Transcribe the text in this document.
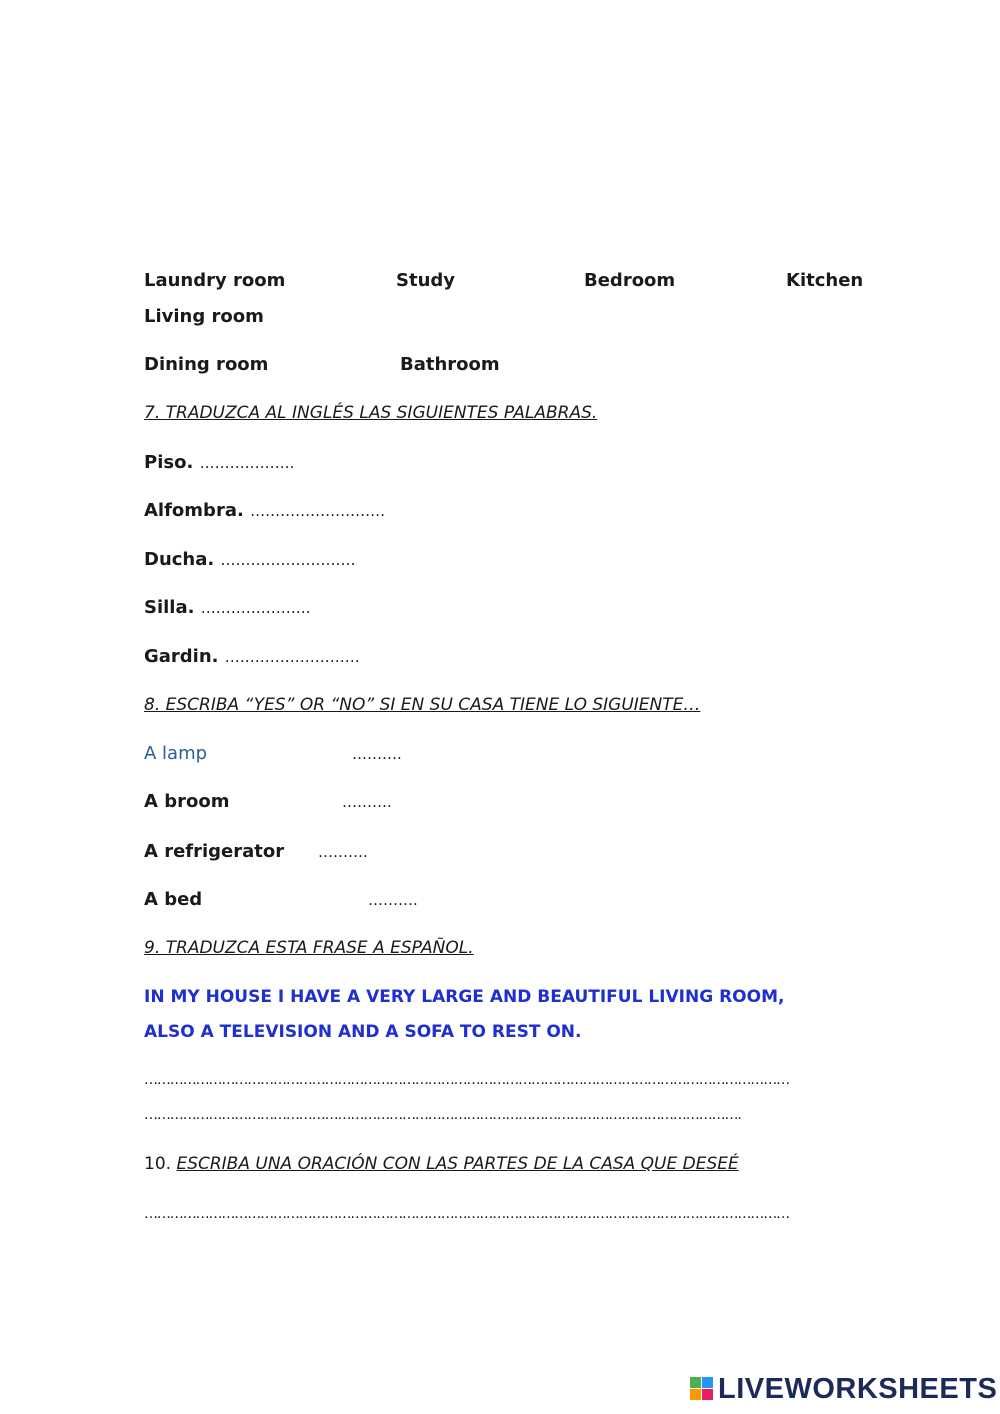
Laundry room	Study	Bedroom	Kitchen
Living room
Dining room	Bathroom
7. TRADUZCA AL INGLÉS LAS SIGUIENTES PALABRAS.
Piso. ……………….
Alfombra. ………………………
Ducha. ………………………
Silla. ………………….
Gardin. ………………………
8. ESCRIBA “YES” OR “NO” SI EN SU CASA TIENE LO SIGUIENTE…
A lamp	……….
A broom	……….
A refrigerator ……….
A bed	……….
9. TRADUZCA ESTA FRASE A ESPAÑOL.
IN MY HOUSE I HAVE A VERY LARGE AND BEAUTIFUL LIVING ROOM,
ALSO A TELEVISION AND A SOFA TO REST ON.
……………………………………………………………………………………………………………………………………
………………………………………………………………………………………………………………………….
10. ESCRIBA UNA ORACIÓN CON LAS PARTES DE LA CASA QUE DESEÉ
……………………………………………………………………………………………………………………………………
LIVEWORKSHEETS
